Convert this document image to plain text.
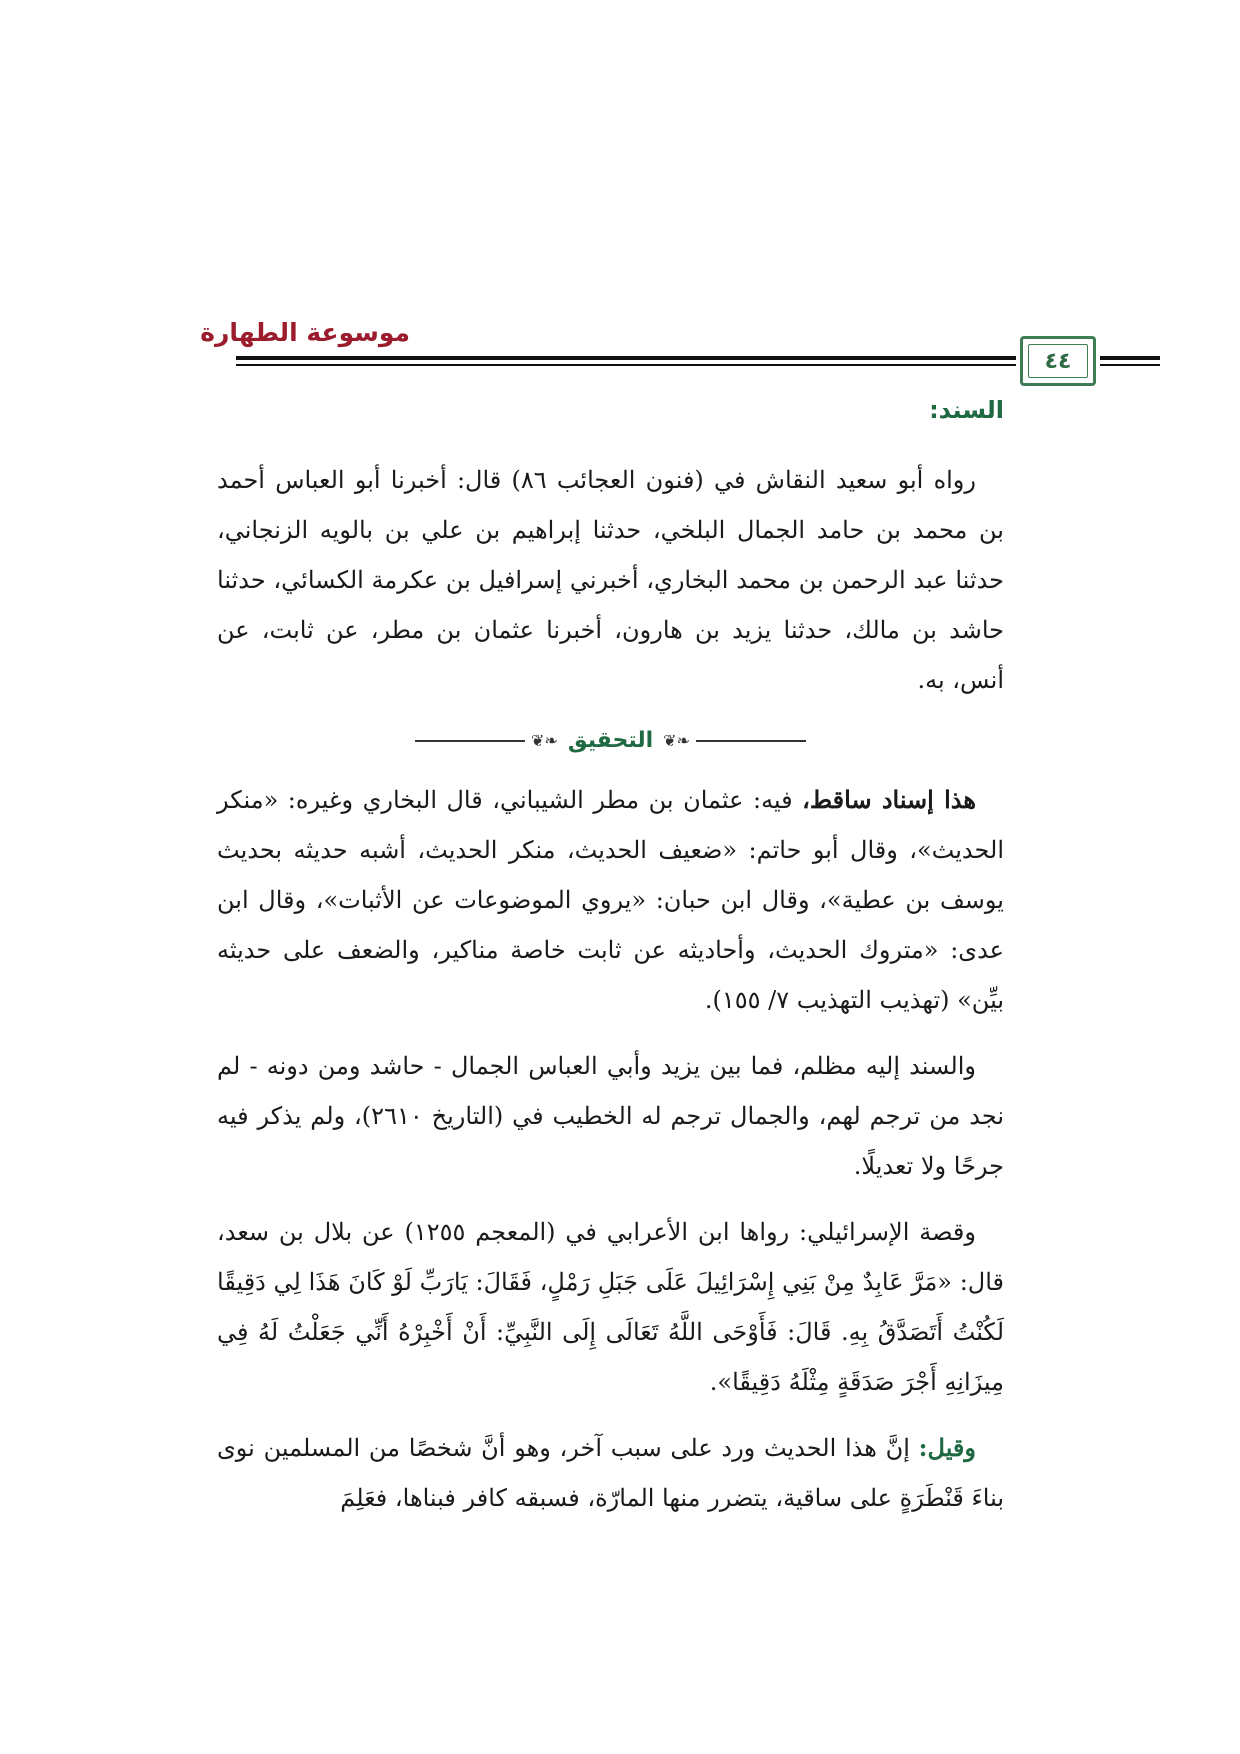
موسوعة الطهارة
٤٤
السند:

رواه أبو سعيد النقاش في (فنون العجائب ٨٦) قال: أخبرنا أبو العباس أحمد بن محمد بن حامد الجمال البلخي، حدثنا إبراهيم بن علي بن بالويه الزنجاني، حدثنا عبد الرحمن بن محمد البخاري، أخبرني إسرافيل بن عكرمة الكسائي، حدثنا حاشد بن مالك، حدثنا يزيد بن هارون، أخبرنا عثمان بن مطر، عن ثابت، عن أنس، به.

❧❦
التحقيق
❧❦

هذا إسناد ساقط، فيه: عثمان بن مطر الشيباني، قال البخاري وغيره: «منكر الحديث»، وقال أبو حاتم: «ضعيف الحديث، منكر الحديث، أشبه حديثه بحديث يوسف بن عطية»، وقال ابن حبان: «يروي الموضوعات عن الأثبات»، وقال ابن عدى: «متروك الحديث، وأحاديثه عن ثابت خاصة مناكير، والضعف على حديثه بيِّن» (تهذيب التهذيب ٧/ ١٥٥).

والسند إليه مظلم، فما بين يزيد وأبي العباس الجمال - حاشد ومن دونه - لم نجد من ترجم لهم، والجمال ترجم له الخطيب في (التاريخ ٢٦١٠)، ولم يذكر فيه جرحًا ولا تعديلًا.

وقصة الإسرائيلي: رواها ابن الأعرابي في (المعجم ١٢٥٥) عن بلال بن سعد، قال: «مَرَّ عَابِدٌ مِنْ بَنِي إِسْرَائِيلَ عَلَى جَبَلِ رَمْلٍ، فَقَالَ: يَارَبِّ لَوْ كَانَ هَذَا لِي دَقِيقًا لَكُنْتُ أَتَصَدَّقُ بِهِ. قَالَ: فَأَوْحَى اللَّهُ تَعَالَى إِلَى النَّبِيِّ: أَنْ أَخْبِرْهُ أَنِّي جَعَلْتُ لَهُ فِي مِيزَانِهِ أَجْرَ صَدَقَةٍ مِثْلَهُ دَقِيقًا».

وقيل: إنَّ هذا الحديث ورد على سبب آخر، وهو أنَّ شخصًا من المسلمين نوى بناءَ قَنْطَرَةٍ على ساقية، يتضرر منها المارّة، فسبقه كافر فبناها، فعَلِمَ
